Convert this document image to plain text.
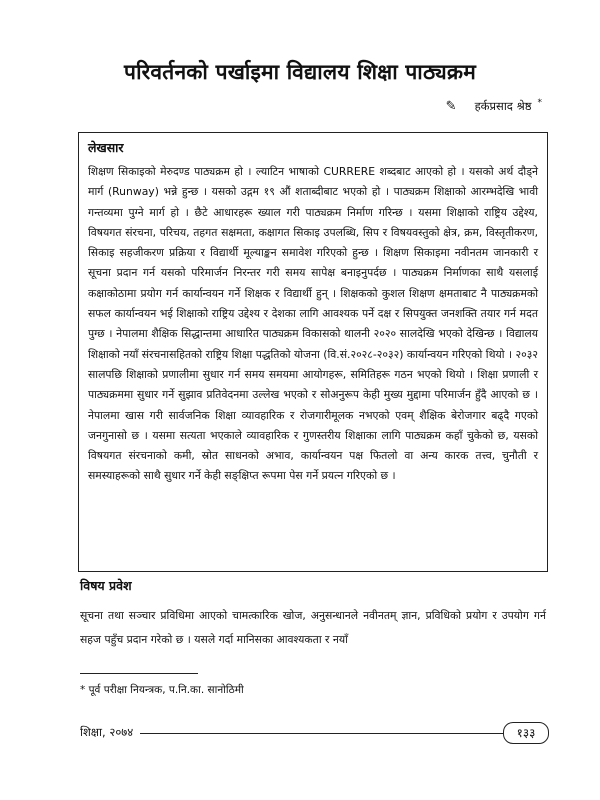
परिवर्तनको पर्खाइमा विद्यालय शिक्षा पाठ्यक्रम
✎ हर्कप्रसाद श्रेष्ठ *
लेखसार

शिक्षण सिकाइको मेरुदण्ड पाठ्यक्रम हो । ल्याटिन भाषाको CURRERE शब्दबाट आएको हो । यसको अर्थ दौड्ने मार्ग (Runway) भन्ने हुन्छ । यसको उद्गम १९ औं शताब्दीबाट भएको हो । पाठ्यक्रम शिक्षाको आरम्भदेखि भावी गन्तव्यमा पुग्ने मार्ग हो । छैटे आधारहरू ख्याल गरी पाठ्यक्रम निर्माण गरिन्छ । यसमा शिक्षाको राष्ट्रिय उद्देश्य, विषयगत संरचना, परिचय, तहगत सक्षमता, कक्षागत सिकाइ उपलब्धि, सिप र विषयवस्तुको क्षेत्र, क्रम, विस्तृतीकरण, सिकाइ सहजीकरण प्रक्रिया र विद्यार्थी मूल्याङ्कन समावेश गरिएको हुन्छ । शिक्षण सिकाइमा नवीनतम जानकारी र सूचना प्रदान गर्न यसको परिमार्जन निरन्तर गरी समय सापेक्ष बनाइनुपर्दछ । पाठ्यक्रम निर्माणका साथै यसलाई कक्षाकोठामा प्रयोग गर्न कार्यान्वयन गर्ने शिक्षक र विद्यार्थी हुन् । शिक्षकको कुशल शिक्षण क्षमताबाट नै पाठ्यक्रमको सफल कार्यान्वयन भई शिक्षाको राष्ट्रिय उद्देश्य र देशका लागि आवश्यक पर्ने दक्ष र सिपयुक्त जनशक्ति तयार गर्न मदत पुग्छ । नेपालमा शैक्षिक सिद्धान्तमा आधारित पाठ्यक्रम विकासको थालनी २०२० सालदेखि भएको देखिन्छ । विद्यालय शिक्षाको नयाँ संरचनासहितको राष्ट्रिय शिक्षा पद्धतिको योजना (वि.सं.२०२८-२०३२) कार्यान्वयन गरिएको थियो । २०३२ सालपछि शिक्षाको प्रणालीमा सुधार गर्न समय समयमा आयोगहरू, समितिहरू गठन भएको थियो । शिक्षा प्रणाली र पाठ्यक्रममा सुधार गर्ने सुझाव प्रतिवेदनमा उल्लेख भएको र सोअनुरूप केही मुख्य मुद्दामा परिमार्जन हुँदै आएको छ । नेपालमा खास गरी सार्वजनिक शिक्षा व्यावहारिक र रोजगारीमूलक नभएको एवम् शैक्षिक बेरोजगार बढ्दै गएको जनगुनासो छ । यसमा सत्यता भएकाले व्यावहारिक र गुणस्तरीय शिक्षाका लागि पाठ्यक्रम कहाँ चुकेको छ, यसको विषयगत संरचनाको कमी, स्रोत साधनको अभाव, कार्यान्वयन पक्ष फितलो वा अन्य कारक तत्त्व, चुनौती र समस्याहरूको साथै सुधार गर्ने केही सङ्क्षिप्त रूपमा पेस गर्ने प्रयत्न गरिएको छ ।

विषय प्रवेश

सूचना तथा सञ्चार प्रविधिमा आएको चामत्कारिक खोज, अनुसन्धानले नवीनतम् ज्ञान, प्रविधिको प्रयोग र उपयोग गर्न सहज पहुँच प्रदान गरेको छ । यसले गर्दा मानिसका आवश्यकता र नयाँ

* पूर्व परीक्षा नियन्त्रक, प.नि.का. सानोठिमी
शिक्षा, २०७४	१३३
